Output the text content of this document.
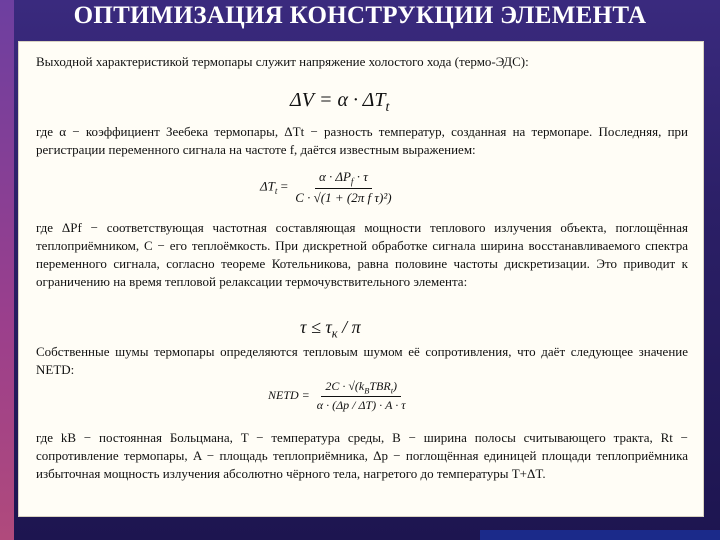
ОПТИМИЗАЦИЯ КОНСТРУКЦИИ ЭЛЕМЕНТА
Выходной характеристикой термопары служит напряжение холостого хода (термо-ЭДС):
$\Delta V = \alpha \cdot \Delta T_t$
где α − коэффициент Зеебека термопары, ΔTt − разность температур, созданная на термопаре. Последняя, при регистрации переменного сигнала на частоте f, даётся известным выражением:
$\Delta T_t = \frac{\alpha \cdot \Delta P_f \cdot \tau}{\text{C · √(1 + (2π f τ)²)}}$
где ΔPf − соответствующая частотная составляющая мощности теплового излучения объекта, поглощённая теплоприёмником, C − его теплоёмкость. При дискретной обработке сигнала ширина восстанавливаемого спектра переменного сигнала, согласно теореме Котельникова, равна половине частоты дискретизации. Это приводит к ограничению на время тепловой релаксации термочувствительного элемента:
$\tau \le \tau_к / \pi$
Собственные шумы термопары определяются тепловым шумом её сопротивления, что даёт следующее значение NETD:
NETD = $\frac{2C \cdot √(k_BTBR_t)}{\alpha \cdot (\Delta p / \Delta T) \cdot A \cdot \tau}$
где kB − постоянная Больцмана, T − температура среды, B − ширина полосы считывающего тракта, Rt − сопротивление термопары, A − площадь теплоприёмника, Δp − поглощённая единицей площади теплоприёмника избыточная мощность излучения абсолютно чёрного тела, нагретого до температуры T+ΔT.
